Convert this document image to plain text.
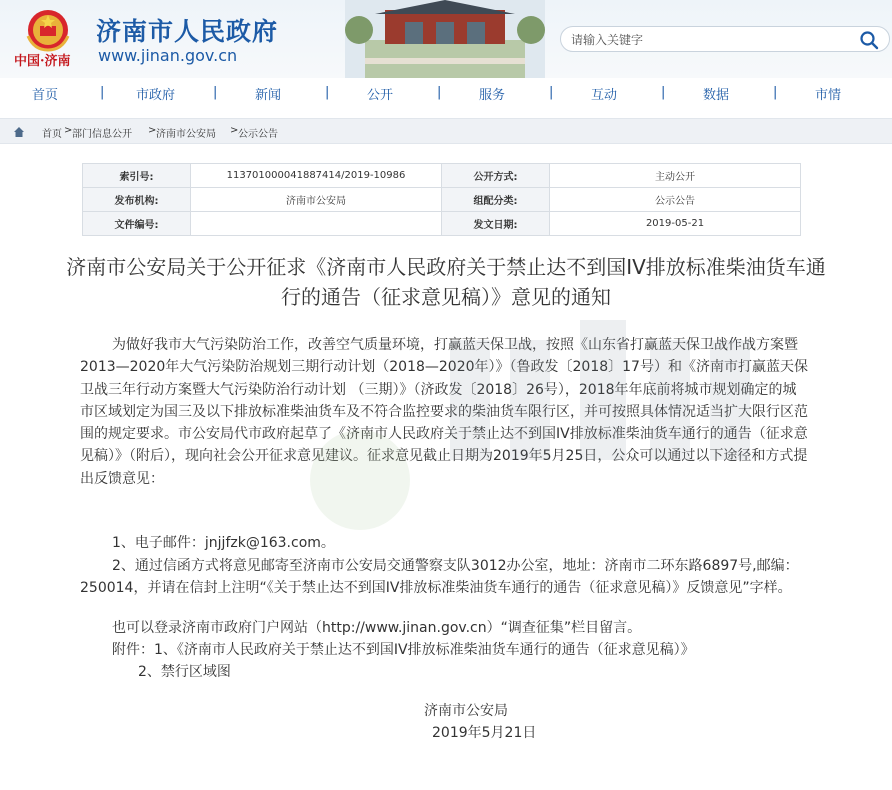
中国·济南
济南市人民政府
www.jinan.gov.cn
请输入关键字
首页	| 市政府	|	新闻	|	公开	|	服务	|	互动	|	数据	|	市情
首页 > 部门信息公开 > 济南市公安局 > 公示公告
索引号:	11370100004188741​4/2019-10986	公开方式:	主动公开
发布机构:	济南市公安局	组配分类:	公示公告
文件编号:		发文日期:	2019-05-21
济南市公安局关于公开征求《济南市人民政府关于禁止达不到国IV排放标准柴油货车通行的通告（征求意见稿）》意见的通知
为做好我市大气污染防治工作，改善空气质量环境，打赢蓝天保卫战，按照《山东省打赢蓝天保卫战作战方案暨2013—2020年大气污染防治规划三期行动计划（2018—2020年）》（鲁政发〔2018〕17号）和《济南市打赢蓝天保卫战三年行动方案暨大气污染防治行动计划 （三期）》（济政发〔2018〕26号），2018年年底前将城市规划确定的城市区域划定为国三及以下排放标准柴油货车及不符合监控要求的柴油货车限行区，并可按照具体情况适当扩大限行区范围的规定要求。市公安局代市政府起草了《济南市人民政府关于禁止达不到国IV排放标准柴油货车通行的通告（征求意见稿）》（附后），现向社会公开征求意见建议。征求意见截止日期为2019年5月25日，公众可以通过以下途径和方式提出反馈意见：
1、电子邮件：jnjjfzk@163.com。
2、通过信函方式将意见邮寄至济南市公安局交通警察支队3012办公室，地址：济南市二环东路6897号,邮编：250014，并请在信封上注明“《关于禁止达不到国IV排放标准柴油货车通行的通告（征求意见稿）》反馈意见”字样。
也可以登录济南市政府门户网站（http://www.jinan.gov.cn）“调查征集”栏目留言。
附件：1、《济南市人民政府关于禁止达不到国IV排放标准柴油货车通行的通告（征求意见稿）》
2、禁行区域图
济南市公安局
2019年5月21日
